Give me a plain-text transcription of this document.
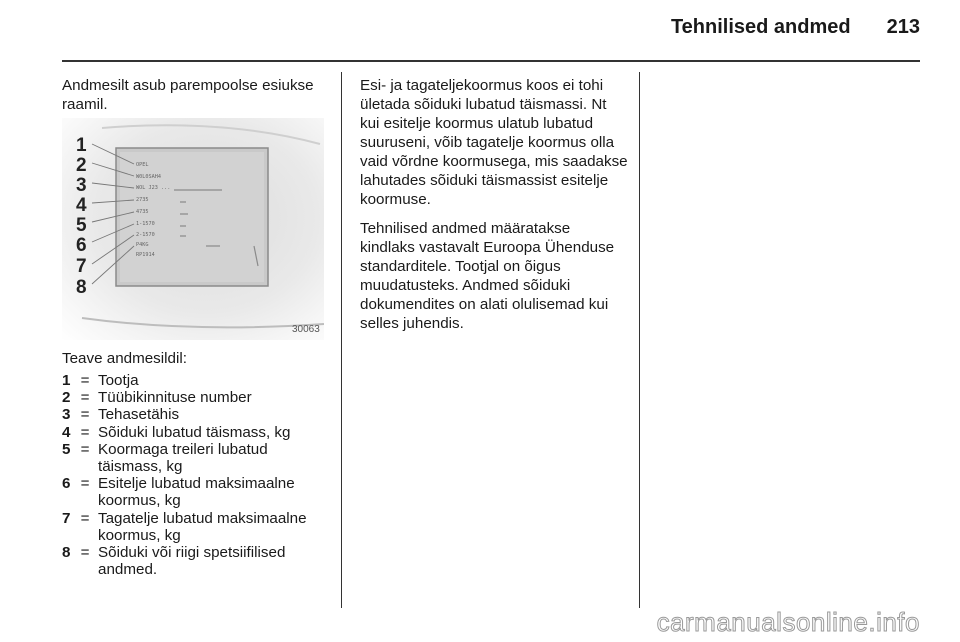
Tehnilised andmed 213
Andmesilt asub parempoolse esiukse raamil.
OPEL
W0L0SAH4
WOL J23 ...
2735
4735
1-1570
2-1570
P4KG
RP1914
1
2
3
4
5
6
7
8
30063
Teave andmesildil:
1 = Tootja
2 = Tüübikinnituse number
3 = Tehasetähis
4 = Sõiduki lubatud täismass, kg
5 = Koormaga treileri lubatud täismass, kg
6 = Esitelje lubatud maksimaalne koormus, kg
7 = Tagatelje lubatud maksimaalne koormus, kg
8 = Sõiduki või riigi spetsiifilised andmed.

Esi- ja tagateljekoormus koos ei tohi ületada sõiduki lubatud täismassi. Nt kui esitelje koormus ulatub lubatud suuruseni, võib tagatelje koormus olla vaid võrdne koormusega, mis saadakse lahutades sõiduki täismassist esitelje koormuse.

Tehnilised andmed määratakse kindlaks vastavalt Euroopa Ühenduse standarditele. Tootjal on õigus muudatusteks. Andmed sõiduki dokumendites on alati olulisemad kui selles juhendis.

carmanualsonline.info
